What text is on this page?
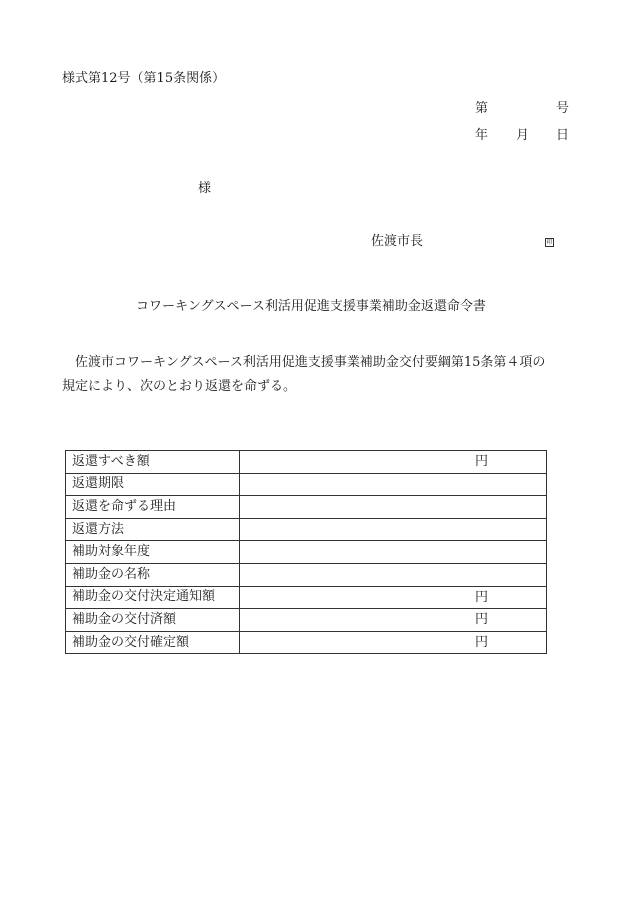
様式第12号（第15条関係）
第	号
年 月 日
様
佐渡市長	印
コワーキングスペース利活用促進支援事業補助金返還命令書

佐渡市コワーキングスペース利活用促進支援事業補助金交付要綱第15条第４項の

規定により、次のとおり返還を命ずる。

返還すべき額	円

返還期限	

返還を命ずる理由	

返還方法	

補助対象年度	

補助金の名称	

補助金の交付決定通知額	円

補助金の交付済額	円

補助金の交付確定額	円
